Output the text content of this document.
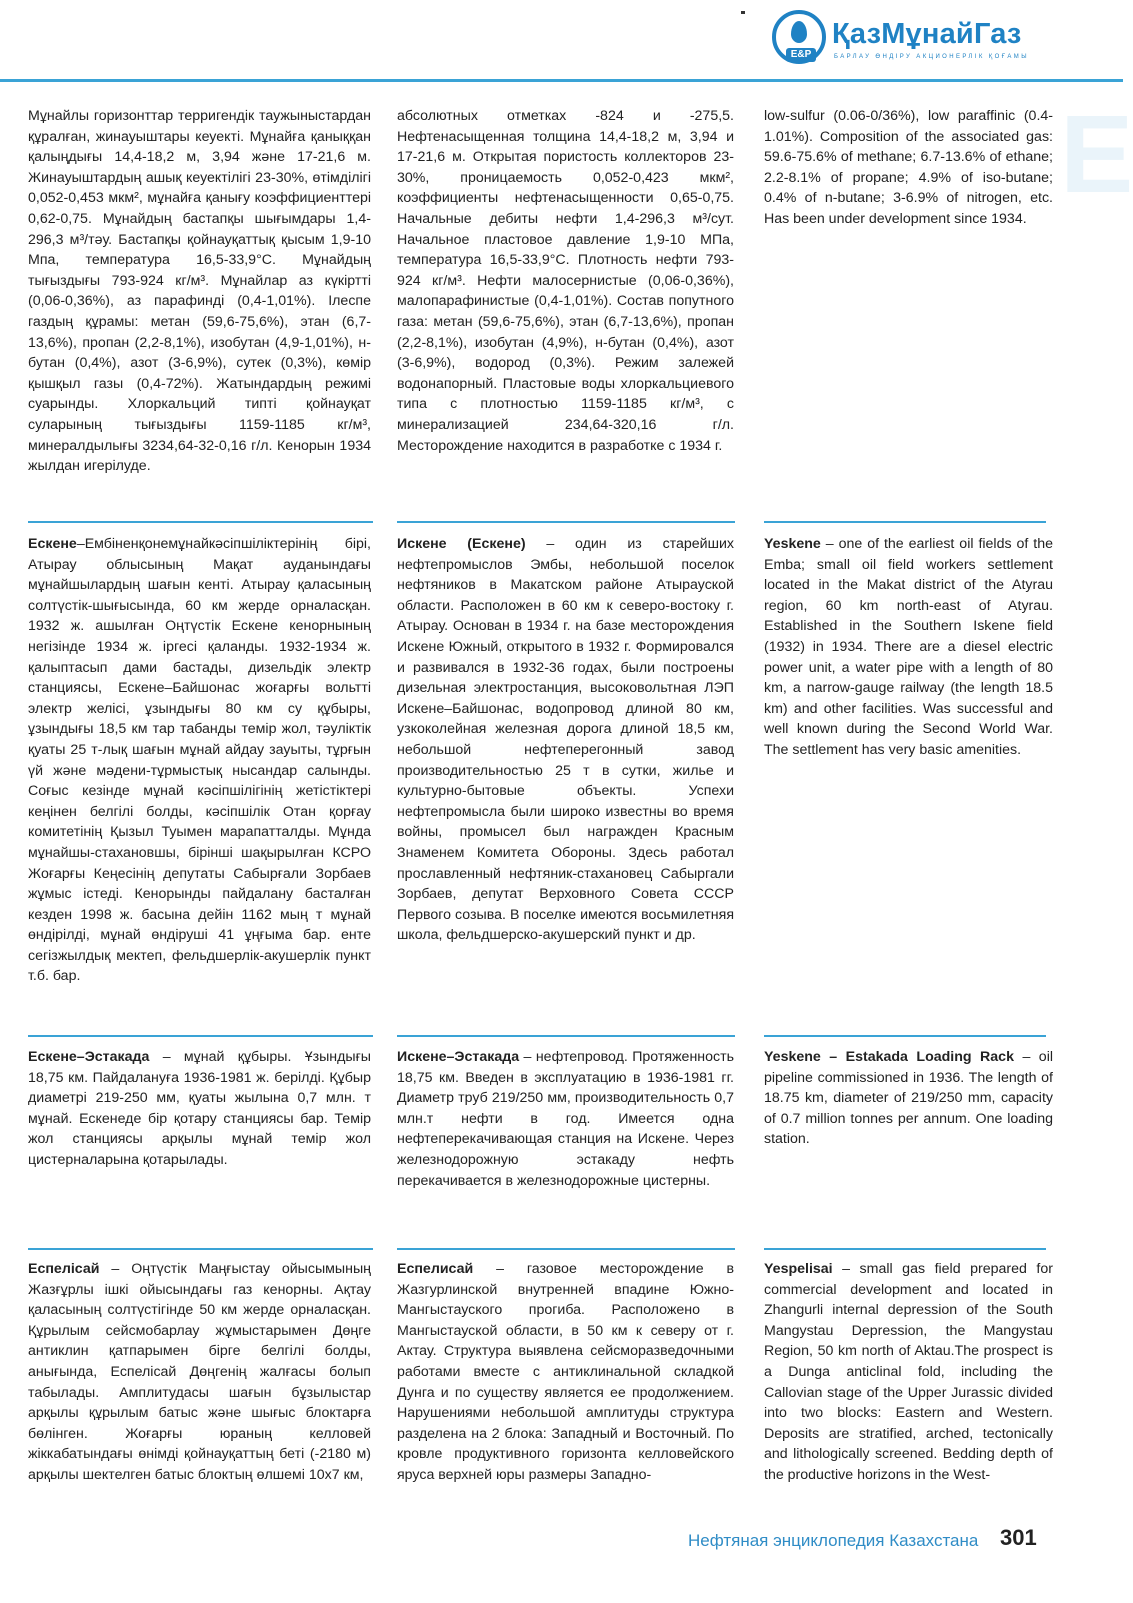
E&P
ҚазМұнайГаз
БАРЛАУ ӨНДІРУ АКЦИОНЕРЛІК ҚОҒАМЫ
E
Мұнайлы горизонттар терригендік таужыныстардан құралған, жинауыштары кеуекті. Мұнайға қаныққан қалыңдығы 14,4-18,2 м, 3,94 және 17-21,6 м. Жинауыштардың ашық кеуектілігі 23-30%, өтімділігі 0,052-0,453 мкм², мұнайға қанығу коэффициенттері 0,62-0,75. Мұнайдың бастапқы шығымдары 1,4-296,3 м³/тәу. Бастапқы қойнауқаттық қысым 1,9-10 Мпа, температура 16,5-33,9°С. Мұнайдың тығыздығы 793-924 кг/м³. Мұнайлар аз күкіртті (0,06-0,36%), аз парафинді (0,4-1,01%). Ілеспе газдың құрамы: метан (59,6-75,6%), этан (6,7-13,6%), пропан (2,2-8,1%), изобутан (4,9-1,01%), н-бутан (0,4%), азот (3-6,9%), сутек (0,3%), көмір қышқыл газы (0,4-72%). Жатындардың режимі суарынды. Хлоркальций типті қойнауқат суларының тығыздығы 1159-1185 кг/м³, минералдылығы 3234,64-32-0,16 г/л. Кенорын 1934 жылдан игерілуде.
абсолютных отметках -824 и -275,5. Нефтенасыщенная толщина 14,4-18,2 м, 3,94 и 17-21,6 м. Открытая пористость коллекторов 23-30%, проницаемость 0,052-0,423 мкм², коэффициенты нефтенасыщенности 0,65-0,75. Начальные дебиты нефти 1,4-296,3 м³/сут. Начальное пластовое давление 1,9-10 МПа, температура 16,5-33,9°С. Плотность нефти 793-924 кг/м³. Нефти малосернистые (0,06-0,36%), малопарафинистые (0,4-1,01%). Состав попутного газа: метан (59,6-75,6%), этан (6,7-13,6%), пропан (2,2-8,1%), изобутан (4,9%), н-бутан (0,4%), азот (3-6,9%), водород (0,3%). Режим залежей водонапорный. Пластовые воды хлоркальциевого типа с плотностью 1159-1185 кг/м³, с минерализацией 234,64-320,16 г/л. Месторождение находится в разработке с 1934 г.
low-sulfur (0.06-0/36%), low paraffinic (0.4-1.01%). Composition of the associated gas: 59.6-75.6% of methane; 6.7-13.6% of ethane; 2.2-8.1% of propane; 4.9% of iso-butane; 0.4% of n-butane; 3-6.9% of nitrogen, etc. Has been under development since 1934.
Ескене–Ембіненқонемұнайкәсіпшіліктерінің бірі, Атырау облысының Мақат ауданындағы мұнайшылардың шағын кенті. Атырау қаласының солтүстік-шығысында, 60 км жерде орналасқан. 1932 ж. ашылған Оңтүстік Ескене кенорнының негізінде 1934 ж. іргесі қаланды. 1932-1934 ж. қалыптасып дами бастады, дизельдік электр станциясы, Ескене–Байшонас жоғарғы вольтті электр желісі, ұзындығы 80 км су құбыры, ұзындығы 18,5 км тар табанды темір жол, тәуліктік қуаты 25 т-лық шағын мұнай айдау зауыты, тұрғын үй және мәдени-тұрмыстық нысандар салынды. Соғыс кезінде мұнай кәсіпшілігінің жетістіктері кеңінен белгілі болды, кәсіпшілік Отан қорғау комитетінің Қызыл Туымен марапатталды. Мұнда мұнайшы-стахановшы, бірінші шақырылған КСРО Жоғарғы Кеңесінің депутаты Сабырғали Зорбаев жұмыс істеді. Кенорынды пайдалану басталған кезден 1998 ж. басына дейін 1162 мың т мұнай өндірілді, мұнай өндіруші 41 ұңғыма бар. енте сегізжылдық мектеп, фельдшерлік-акушерлік пункт т.б. бар.
Искене (Ескене) – один из старейших нефтепромыслов Эмбы, небольшой поселок нефтяников в Макатском районе Атырауской области. Расположен в 60 км к северо-востоку г. Атырау. Основан в 1934 г. на базе месторождения Искене Южный, открытого в 1932 г. Формировался и развивался в 1932-36 годах, были построены дизельная электростанция, высоковольтная ЛЭП Искене–Байшонас, водопровод длиной 80 км, узкоколейная железная дорога длиной 18,5 км, небольшой нефтеперегонный завод производительностью 25 т в сутки, жилье и культурно-бытовые объекты. Успехи нефтепромысла были широко известны во время войны, промысел был награжден Красным Знаменем Комитета Обороны. Здесь работал прославленный нефтяник-стахановец Сабыргали Зорбаев, депутат Верховного Совета СССР Первого созыва. В поселке имеются восьмилетняя школа, фельдшерско-акушерский пункт и др.
Yeskene – one of the earliest oil fields of the Emba; small oil field workers settlement located in the Makat district of the Atyrau region, 60 km north-east of Atyrau. Established in the Southern Iskene field (1932) in 1934. There are a diesel electric power unit, a water pipe with a length of 80 km, a narrow-gauge railway (the length 18.5 km) and other facilities. Was successful and well known during the Second World War. The settlement has very basic amenities.
Ескене–Эстакада – мұнай құбыры. Ұзындығы 18,75 км. Пайдалануға 1936-1981 ж. берілді. Құбыр диаметрі 219-250 мм, қуаты жылына 0,7 млн. т мұнай. Ескенеде бір қотару станциясы бар. Темір жол станциясы арқылы мұнай темір жол цистерналарына қотарылады.
Искене–Эстакада – нефтепровод. Протяженность 18,75 км. Введен в эксплуатацию в 1936-1981 гг. Диаметр труб 219/250 мм, производительность 0,7 млн.т нефти в год. Имеется одна нефтеперекачивающая станция на Искене. Через железнодорожную эстакаду нефть перекачивается в железнодорожные цистерны.
Yeskene – Estakada Loading Rack – oil pipeline commissioned in 1936. The length of 18.75 km, diameter of 219/250 mm, capacity of 0.7 million tonnes per annum. One loading station.
Еспелісай – Оңтүстік Маңғыстау ойысымының Жазғұрлы ішкі ойысындағы газ кенорны. Ақтау қаласының солтүстігінде 50 км жерде орналасқан. Құрылым сейсмобарлау жұмыстарымен Дөңге антиклин қатпарымен бірге белгілі болды, анығында, Еспелісай Дөңгенің жалғасы болып табылады. Амплитудасы шағын бұзылыстар арқылы құрылым батыс және шығыс блоктарға бөлінген. Жоғарғы юраның келловей жіккабатындағы өнімді қойнауқаттың беті (-2180 м) арқылы шектелген батыс блоктың өлшемі 10х7 км,
Еспелисай – газовое месторождение в Жазгурлинской внутренней впадине Южно-Мангыстауского прогиба. Расположено в Мангыстауской области, в 50 км к северу от г. Актау. Структура выявлена сейсморазведочными работами вместе с антиклинальной складкой Дунга и по существу является ее продолжением. Нарушениями небольшой амплитуды структура разделена на 2 блока: Западный и Восточный. По кровле продуктивного горизонта келловейского яруса верхней юры размеры Западно-
Yespelisai – small gas field prepared for commercial development and located in Zhangurli internal depression of the South Mangystau Depression, the Mangystau Region, 50 km north of Aktau.The prospect is a Dunga anticlinal fold, including the Callovian stage of the Upper Jurassic divided into two blocks: Eastern and Western. Deposits are stratified, arched, tectonically and lithologically screened. Bedding depth of the productive horizons in the West-
Нефтяная энциклопедия Казахстана 301
